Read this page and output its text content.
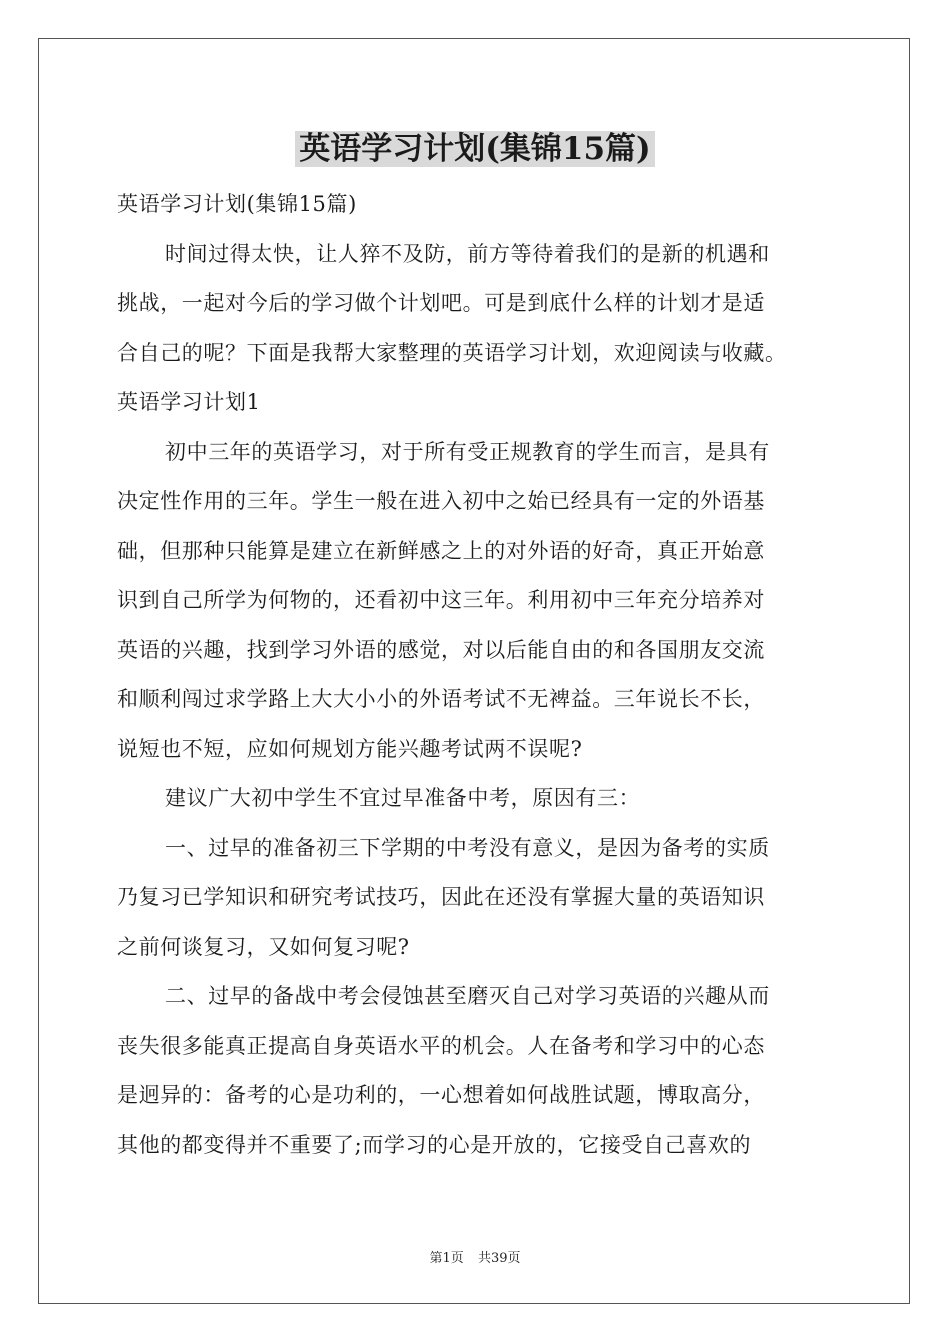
英语学习计划(集锦15篇)
英语学习计划(集锦15篇)
时间过得太快，让人猝不及防，前方等待着我们的是新的机遇和
挑战，一起对今后的学习做个计划吧。可是到底什么样的计划才是适
合自己的呢？下面是我帮大家整理的英语学习计划，欢迎阅读与收藏。
英语学习计划1
初中三年的英语学习，对于所有受正规教育的学生而言，是具有
决定性作用的三年。学生一般在进入初中之始已经具有一定的外语基
础，但那种只能算是建立在新鲜感之上的对外语的好奇，真正开始意
识到自己所学为何物的，还看初中这三年。利用初中三年充分培养对
英语的兴趣，找到学习外语的感觉，对以后能自由的和各国朋友交流
和顺利闯过求学路上大大小小的外语考试不无裨益。三年说长不长，
说短也不短，应如何规划方能兴趣考试两不误呢?
建议广大初中学生不宜过早准备中考，原因有三：
一、过早的准备初三下学期的中考没有意义，是因为备考的实质
乃复习已学知识和研究考试技巧，因此在还没有掌握大量的英语知识
之前何谈复习，又如何复习呢?
二、过早的备战中考会侵蚀甚至磨灭自己对学习英语的兴趣从而
丧失很多能真正提高自身英语水平的机会。人在备考和学习中的心态
是迥异的：备考的心是功利的，一心想着如何战胜试题，博取高分，
其他的都变得并不重要了;而学习的心是开放的，它接受自己喜欢的
第1页 共39页
